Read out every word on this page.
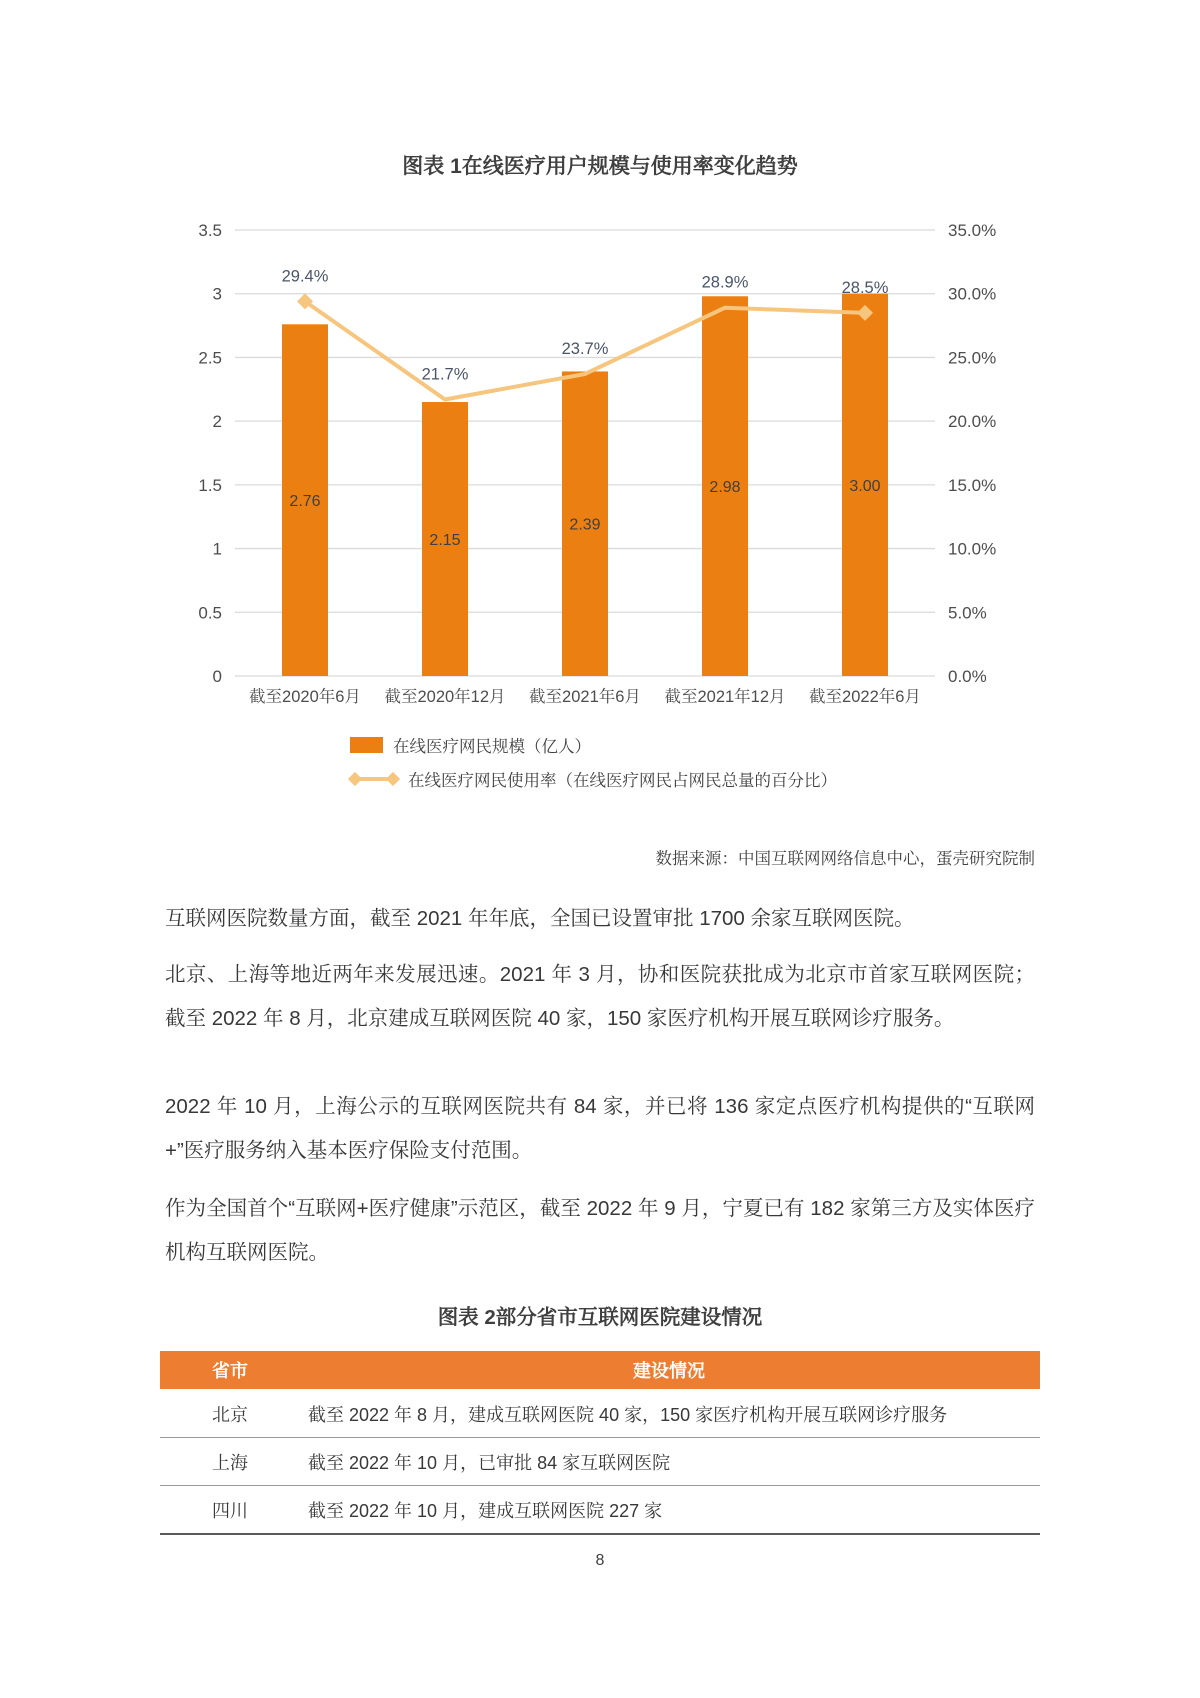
图表 1在线医疗用户规模与使用率变化趋势
3.5	35.0%
3	30.0%
2.5	25.0%
2	20.0%
1.5	15.0%
1	10.0%
0.5	5.0%
0	0.0%
截至2020年6月 截至2020年12月 截至2021年6月 截至2021年12月 截至2022年6月
2.76
2.15
2.39
2.98	3.00
29.4%
21.7%
23.7%
28.9%	28.5%
在线医疗网民规模（亿人）
在线医疗网民使用率（在线医疗网民占网民总量的百分比）
数据来源：中国互联网网络信息中心，蛋壳研究院制

互联网医院数量方面，截至 2021 年年底，全国已设置审批 1700 余家互联网医院。

北京、上海等地近两年来发展迅速。2021 年 3 月，协和医院获批成为北京市首家互联网医院；截至 2022 年 8 月，北京建成互联网医院 40 家，150 家医疗机构开展互联网诊疗服务。

2022 年 10 月，上海公示的互联网医院共有 84 家，并已将 136 家定点医疗机构提供的“互联网+”医疗服务纳入基本医疗保险支付范围。

作为全国首个“互联网+医疗健康”示范区，截至 2022 年 9 月，宁夏已有 182 家第三方及实体医疗机构互联网医院。

图表 2部分省市互联网医院建设情况
省市	建设情况
北京	截至 2022 年 8 月，建成互联网医院 40 家，150 家医疗机构开展互联网诊疗服务
上海	截至 2022 年 10 月，已审批 84 家互联网医院
四川	截至 2022 年 10 月，建成互联网医院 227 家
8
